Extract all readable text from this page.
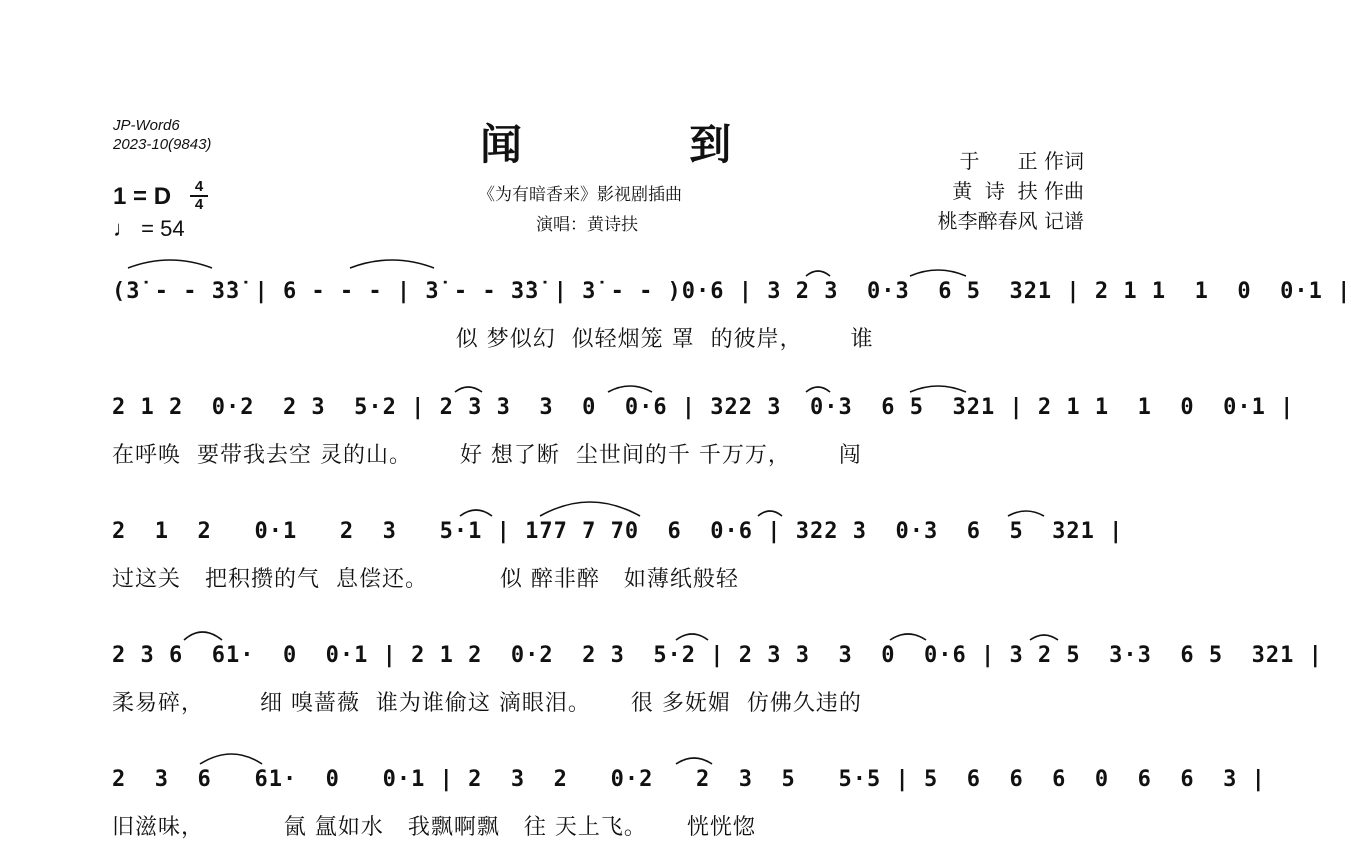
JP-Word6
2023-10(9843)	闻	到
《为有暗香来》影视剧插曲
演唱：黄诗扶
于      正 作词
黄  诗  扶 作曲
桃李醉春风 记谱
1 = D	4
4
♩ = 54
(3̇ - - 3̇3̇ | 6 - - - | 3̇ - - 3̇3̇ | 3̇ - - )0·6 | 3 2 3  0·3  6 5  321 | 2 1 1  1  0  0·1 |
似 梦似幻  似轻烟笼 罩  的彼岸，      谁
2 1 2  0·2  2 3  5·2 | 2 3 3  3  0  0·6 | 322 3  0·3  6 5  321 | 2 1 1  1  0  0·1 |
在呼唤  要带我去空 灵的山。      好 想了断  尘世间的千 千万万，      闯
2  1  2   0·1   2  3   5·1 | 177 7 70  6  0·6 | 322 3  0·3  6  5  321 |
过这关   把积攒的气  息偿还。         似 醉非醉   如薄纸般轻
2 3 6  61·  0  0·1 | 2 1 2  0·2  2 3  5·2 | 2 3 3  3  0  0·6 | 3 2 5  3·3  6 5  321 |
柔易碎，       细 嗅蔷薇  谁为谁偷这 滴眼泪。     很 多妩媚  仿佛久违的
2  3  6   61·  0   0·1 | 2  3  2   0·2   2  3  5   5·5 | 5  6  6  6  0  6  6  3 |
旧滋味，          氤 氲如水   我飘啊飘   往 天上飞。     恍恍惚
